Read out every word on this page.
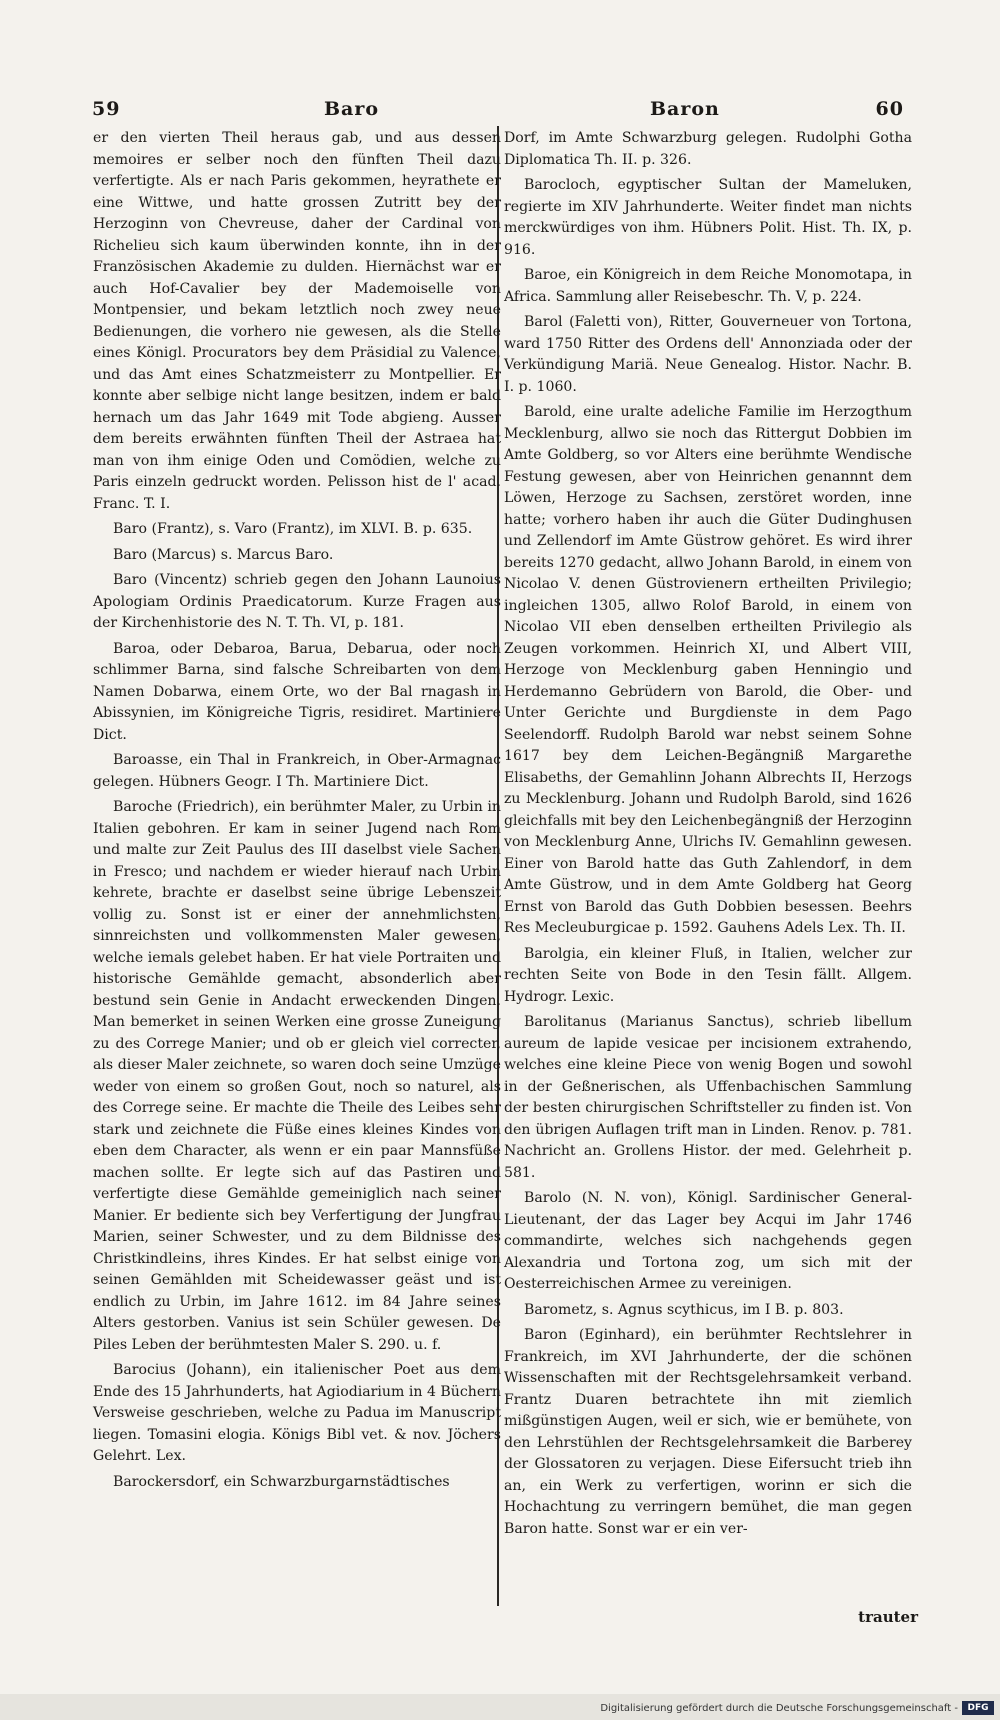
59	Baro	Baron	60

er den vierten Theil heraus gab, und aus dessen memoires er selber noch den fünften Theil dazu verfertigte. Als er nach Paris gekommen, heyrathete er eine Wittwe, und hatte grossen Zutritt bey der Herzoginn von Chevreuse, daher der Cardinal von Richelieu sich kaum überwinden konnte, ihn in der Französischen Akademie zu dulden. Hiernächst war er auch Hof-Cavalier bey der Mademoiselle von Montpensier, und bekam letztlich noch zwey neue Bedienungen, die vorhero nie gewesen, als die Stelle eines Königl. Procurators bey dem Präsidial zu Valence, und das Amt eines Schatzmeisterr zu Montpellier. Er konnte aber selbige nicht lange besitzen, indem er bald hernach um das Jahr 1649 mit Tode abgieng. Ausser dem bereits erwähnten fünften Theil der Astraea hat man von ihm einige Oden und Comödien, welche zu Paris einzeln gedruckt worden. Pelisson hist de l' acad. Franc. T. I.

Baro (Frantz), s. Varo (Frantz), im XLVI. B. p. 635.

Baro (Marcus) s. Marcus Baro.

Baro (Vincentz) schrieb gegen den Johann Launoius Apologiam Ordinis Praedicatorum. Kurze Fragen aus der Kirchenhistorie des N. T. Th. VI, p. 181.

Baroa, oder Debaroa, Barua, Debarua, oder noch schlimmer Barna, sind falsche Schreibarten von dem Namen Dobarwa, einem Orte, wo der Bal rnagash in Abissynien, im Königreiche Tigris, residiret. Martiniere Dict.

Baroasse, ein Thal in Frankreich, in Ober-Armagnac gelegen. Hübners Geogr. I Th. Martiniere Dict.

Baroche (Friedrich), ein berühmter Maler, zu Urbin in Italien gebohren. Er kam in seiner Jugend nach Rom und malte zur Zeit Paulus des III daselbst viele Sachen in Fresco; und nachdem er wieder hierauf nach Urbin kehrete, brachte er daselbst seine übrige Lebenszeit vollig zu. Sonst ist er einer der annehmlichsten, sinnreichsten und vollkommensten Maler gewesen, welche iemals gelebet haben. Er hat viele Portraiten und historische Gemählde gemacht, absonderlich aber bestund sein Genie in Andacht erweckenden Dingen. Man bemerket in seinen Werken eine grosse Zuneigung zu des Correge Manier; und ob er gleich viel correcter, als dieser Maler zeichnete, so waren doch seine Umzüge weder von einem so großen Gout, noch so naturel, als des Correge seine. Er machte die Theile des Leibes sehr stark und zeichnete die Füße eines kleines Kindes von eben dem Character, als wenn er ein paar Mannsfüße machen sollte. Er legte sich auf das Pastiren und verfertigte diese Gemählde gemeiniglich nach seiner Manier. Er bediente sich bey Verfertigung der Jungfrau Marien, seiner Schwester, und zu dem Bildnisse des Christkindleins, ihres Kindes. Er hat selbst einige von seinen Gemählden mit Scheidewasser geäst und ist endlich zu Urbin, im Jahre 1612. im 84 Jahre seines Alters gestorben. Vanius ist sein Schüler gewesen. De Piles Leben der berühmtesten Maler S. 290. u. f.

Barocius (Johann), ein italienischer Poet aus dem Ende des 15 Jahrhunderts, hat Agiodiarium in 4 Büchern Versweise geschrieben, welche zu Padua im Manuscript liegen. Tomasini elogia. Königs Bibl vet. & nov. Jöchers Gelehrt. Lex.

Barockersdorf, ein Schwarzburgarnstädtisches

Dorf, im Amte Schwarzburg gelegen. Rudolphi Gotha Diplomatica Th. II. p. 326.

Barocloch, egyptischer Sultan der Mameluken, regierte im XIV Jahrhunderte. Weiter findet man nichts merckwürdiges von ihm. Hübners Polit. Hist. Th. IX, p. 916.

Baroe, ein Königreich in dem Reiche Monomotapa, in Africa. Sammlung aller Reisebeschr. Th. V, p. 224.

Barol (Faletti von), Ritter, Gouverneuer von Tortona, ward 1750 Ritter des Ordens dell' Annonziada oder der Verkündigung Mariä. Neue Genealog. Histor. Nachr. B. I. p. 1060.

Barold, eine uralte adeliche Familie im Herzogthum Mecklenburg, allwo sie noch das Rittergut Dobbien im Amte Goldberg, so vor Alters eine berühmte Wendische Festung gewesen, aber von Heinrichen genannnt dem Löwen, Herzoge zu Sachsen, zerstöret worden, inne hatte; vorhero haben ihr auch die Güter Dudinghusen und Zellendorf im Amte Güstrow gehöret. Es wird ihrer bereits 1270 gedacht, allwo Johann Barold, in einem von Nicolao V. denen Güstrovienern ertheilten Privilegio; ingleichen 1305, allwo Rolof Barold, in einem von Nicolao VII eben denselben ertheilten Privilegio als Zeugen vorkommen. Heinrich XI, und Albert VIII, Herzoge von Mecklenburg gaben Henningio und Herdemanno Gebrüdern von Barold, die Ober- und Unter Gerichte und Burgdienste in dem Pago Seelendorff. Rudolph Barold war nebst seinem Sohne 1617 bey dem Leichen-Begängniß Margarethe Elisabeths, der Gemahlinn Johann Albrechts II, Herzogs zu Mecklenburg. Johann und Rudolph Barold, sind 1626 gleichfalls mit bey den Leichenbegängniß der Herzoginn von Mecklenburg Anne, Ulrichs IV. Gemahlinn gewesen. Einer von Barold hatte das Guth Zahlendorf, in dem Amte Güstrow, und in dem Amte Goldberg hat Georg Ernst von Barold das Guth Dobbien besessen. Beehrs Res Mecleuburgicae p. 1592. Gauhens Adels Lex. Th. II.

Barolgia, ein kleiner Fluß, in Italien, welcher zur rechten Seite von Bode in den Tesin fällt. Allgem. Hydrogr. Lexic.

Barolitanus (Marianus Sanctus), schrieb libellum aureum de lapide vesicae per incisionem extrahendo, welches eine kleine Piece von wenig Bogen und sowohl in der Geßnerischen, als Uffenbachischen Sammlung der besten chirurgischen Schriftsteller zu finden ist. Von den übrigen Auflagen trift man in Linden. Renov. p. 781. Nachricht an. Grollens Histor. der med. Gelehrheit p. 581.

Barolo (N. N. von), Königl. Sardinischer General-Lieutenant, der das Lager bey Acqui im Jahr 1746 commandirte, welches sich nachgehends gegen Alexandria und Tortona zog, um sich mit der Oesterreichischen Armee zu vereinigen.

Barometz, s. Agnus scythicus, im I B. p. 803.

Baron (Eginhard), ein berühmter Rechtslehrer in Frankreich, im XVI Jahrhunderte, der die schönen Wissenschaften mit der Rechtsgelehrsamkeit verband. Frantz Duaren betrachtete ihn mit ziemlich mißgünstigen Augen, weil er sich, wie er bemühete, von den Lehrstühlen der Rechtsgelehrsamkeit die Barberey der Glossatoren zu verjagen. Diese Eifersucht trieb ihn an, ein Werk zu verfertigen, worinn er sich die Hochachtung zu verringern bemühet, die man gegen Baron hatte. Sonst war er ein ver-

trauter
Digitalisierung gefördert durch die Deutsche Forschungsgemeinschaft -	DFG
